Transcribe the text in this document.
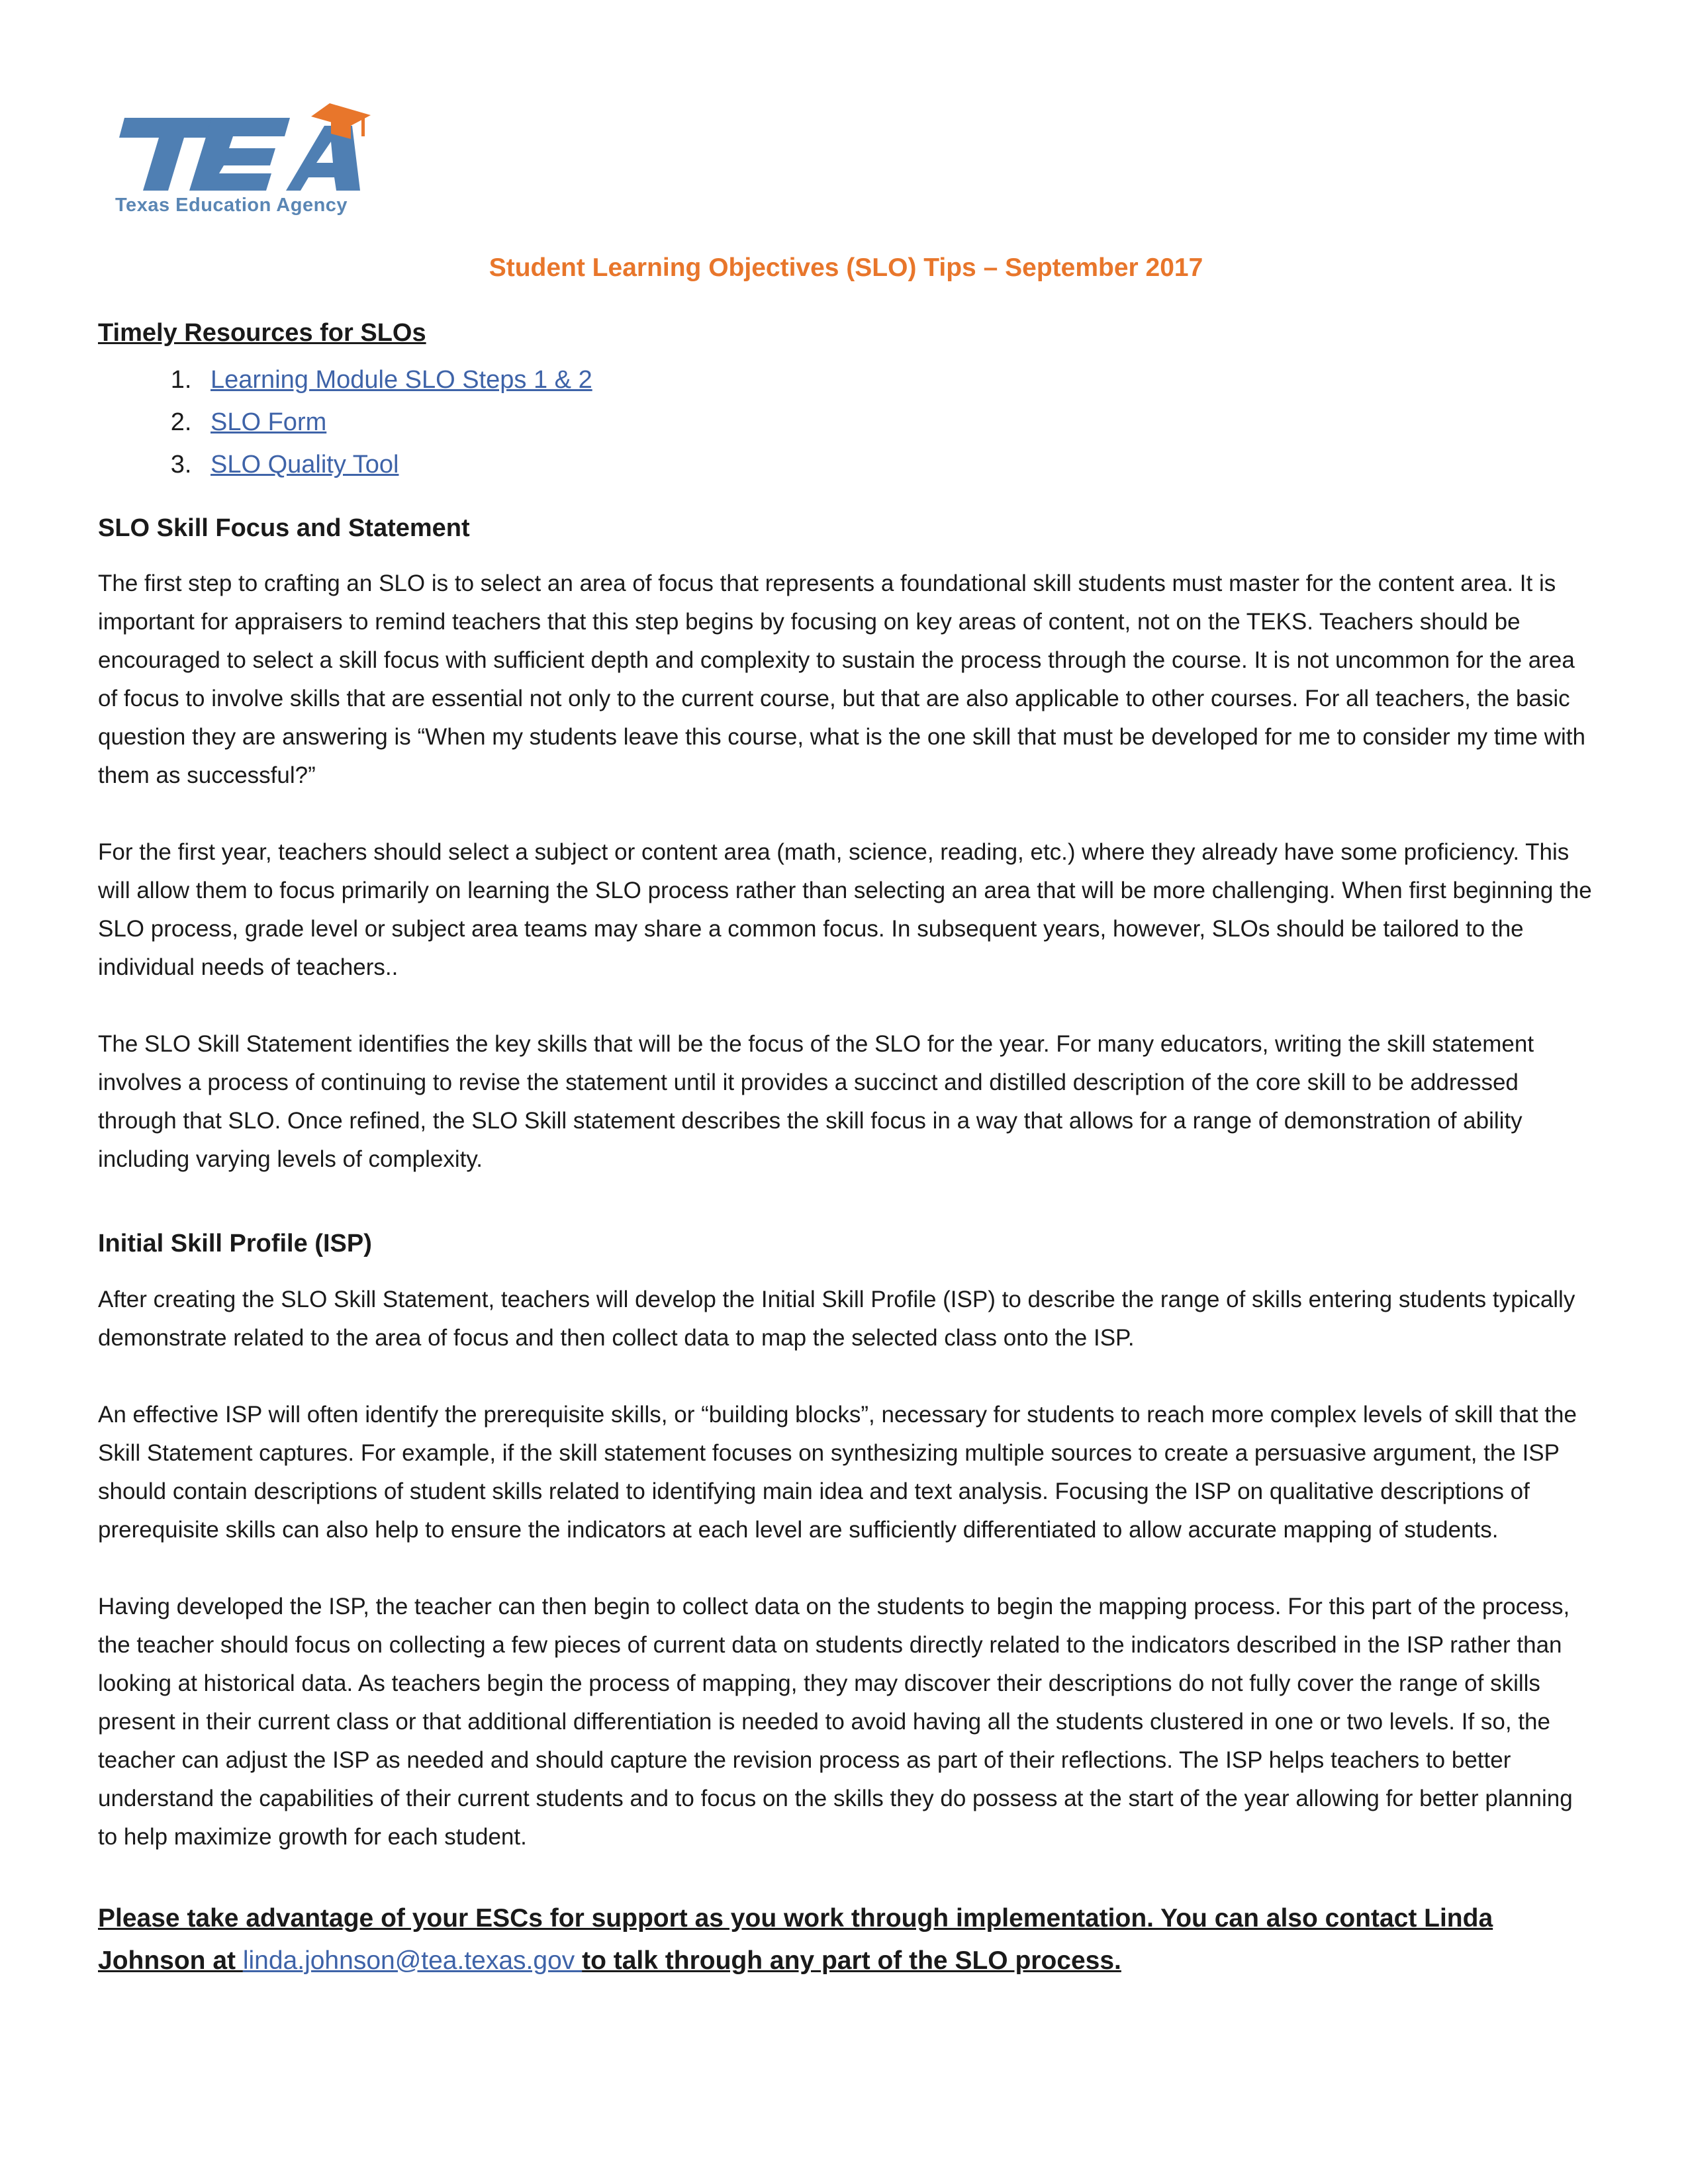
Texas Education Agency
Student Learning Objectives (SLO) Tips – September 2017
Timely Resources for SLOs
1. Learning Module SLO Steps 1 & 2
2. SLO Form
3. SLO Quality Tool
SLO Skill Focus and Statement

The first step to crafting an SLO is to select an area of focus that represents a foundational skill students must master for the content area. It is important for appraisers to remind teachers that this step begins by focusing on key areas of content, not on the TEKS. Teachers should be encouraged to select a skill focus with sufficient depth and complexity to sustain the process through the course. It is not uncommon for the area of focus to involve skills that are essential not only to the current course, but that are also applicable to other courses. For all teachers, the basic question they are answering is “When my students leave this course, what is the one skill that must be developed for me to consider my time with them as successful?”

For the first year, teachers should select a subject or content area (math, science, reading, etc.) where they already have some proficiency. This will allow them to focus primarily on learning the SLO process rather than selecting an area that will be more challenging. When first beginning the SLO process, grade level or subject area teams may share a common focus. In subsequent years, however, SLOs should be tailored to the individual needs of teachers..

The SLO Skill Statement identifies the key skills that will be the focus of the SLO for the year. For many educators, writing the skill statement involves a process of continuing to revise the statement until it provides a succinct and distilled description of the core skill to be addressed through that SLO. Once refined, the SLO Skill statement describes the skill focus in a way that allows for a range of demonstration of ability including varying levels of complexity.

Initial Skill Profile (ISP)

After creating the SLO Skill Statement, teachers will develop the Initial Skill Profile (ISP) to describe the range of skills entering students typically demonstrate related to the area of focus and then collect data to map the selected class onto the ISP.

An effective ISP will often identify the prerequisite skills, or “building blocks”, necessary for students to reach more complex levels of skill that the Skill Statement captures. For example, if the skill statement focuses on synthesizing multiple sources to create a persuasive argument, the ISP should contain descriptions of student skills related to identifying main idea and text analysis. Focusing the ISP on qualitative descriptions of prerequisite skills can also help to ensure the indicators at each level are sufficiently differentiated to allow accurate mapping of students.

Having developed the ISP, the teacher can then begin to collect data on the students to begin the mapping process. For this part of the process, the teacher should focus on collecting a few pieces of current data on students directly related to the indicators described in the ISP rather than looking at historical data. As teachers begin the process of mapping, they may discover their descriptions do not fully cover the range of skills present in their current class or that additional differentiation is needed to avoid having all the students clustered in one or two levels. If so, the teacher can adjust the ISP as needed and should capture the revision process as part of their reflections. The ISP helps teachers to better understand the capabilities of their current students and to focus on the skills they do possess at the start of the year allowing for better planning to help maximize growth for each student.

Please take advantage of your ESCs for support as you work through implementation. You can also contact Linda Johnson at linda.johnson@tea.texas.gov to talk through any part of the SLO process.
